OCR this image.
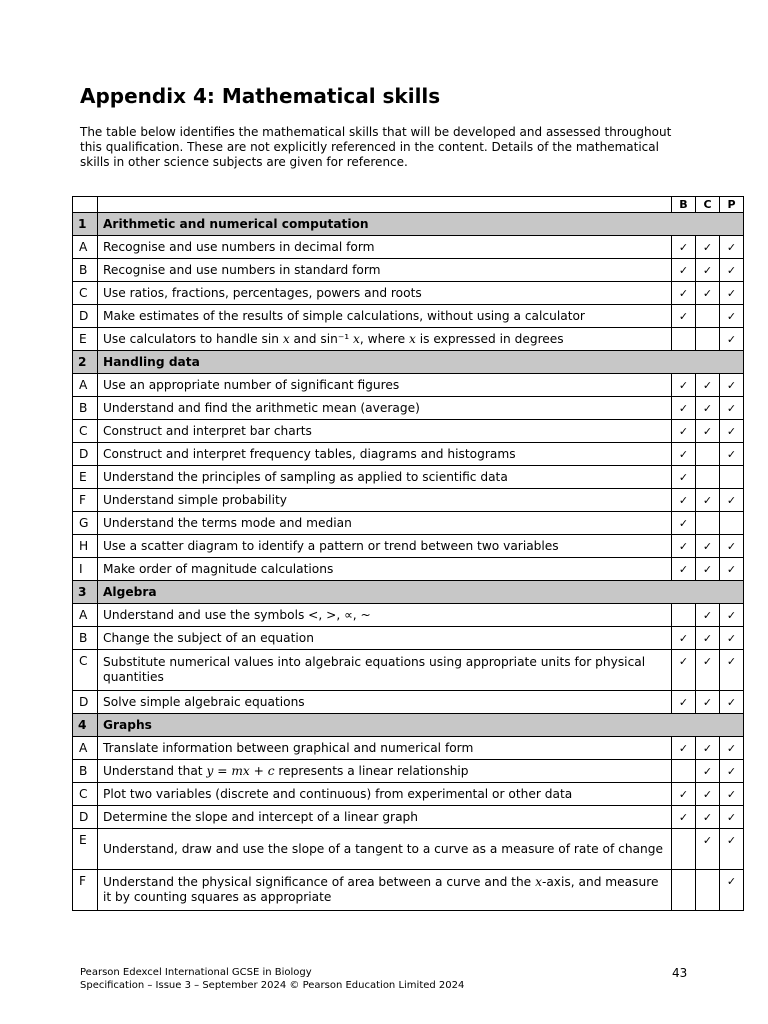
Appendix 4: Mathematical skills

The table below identifies the mathematical skills that will be developed and assessed throughout this qualification. These are not explicitly referenced in the content. Details of the mathematical skills in other science subjects are given for reference.

		B	C	P
1	Arithmetic and numerical computation			
A	Recognise and use numbers in decimal form	✓	✓	✓
B	Recognise and use numbers in standard form	✓	✓	✓
C	Use ratios, fractions, percentages, powers and roots	✓	✓	✓
D	Make estimates of the results of simple calculations, without using a calculator	✓		✓
E	Use calculators to handle sin x and sin⁻¹ x, where x is expressed in degrees			✓
2	Handling data			
A	Use an appropriate number of significant figures	✓	✓	✓
B	Understand and find the arithmetic mean (average)	✓	✓	✓
C	Construct and interpret bar charts	✓	✓	✓
D	Construct and interpret frequency tables, diagrams and histograms	✓		✓
E	Understand the principles of sampling as applied to scientific data	✓		
F	Understand simple probability	✓	✓	✓
G	Understand the terms mode and median	✓		
H	Use a scatter diagram to identify a pattern or trend between two variables	✓	✓	✓
I	Make order of magnitude calculations	✓	✓	✓
3	Algebra			
A	Understand and use the symbols <, >, ∝, ~		✓	✓
B	Change the subject of an equation	✓	✓	✓
C	Substitute numerical values into algebraic equations using appropriate units for physical quantities	✓	✓	✓
D	Solve simple algebraic equations	✓	✓	✓
4	Graphs			
A	Translate information between graphical and numerical form	✓	✓	✓
B	Understand that y = mx + c represents a linear relationship		✓	✓
C	Plot two variables (discrete and continuous) from experimental or other data	✓	✓	✓
D	Determine the slope and intercept of a linear graph	✓	✓	✓
E	Understand, draw and use the slope of a tangent to a curve as a measure of rate of change		✓	✓
F	Understand the physical significance of area between a curve and the x-axis, and measure it by counting squares as appropriate			✓
Pearson Edexcel International GCSE in Biology
Specification – Issue 3 – September 2024 © Pearson Education Limited 2024
43
